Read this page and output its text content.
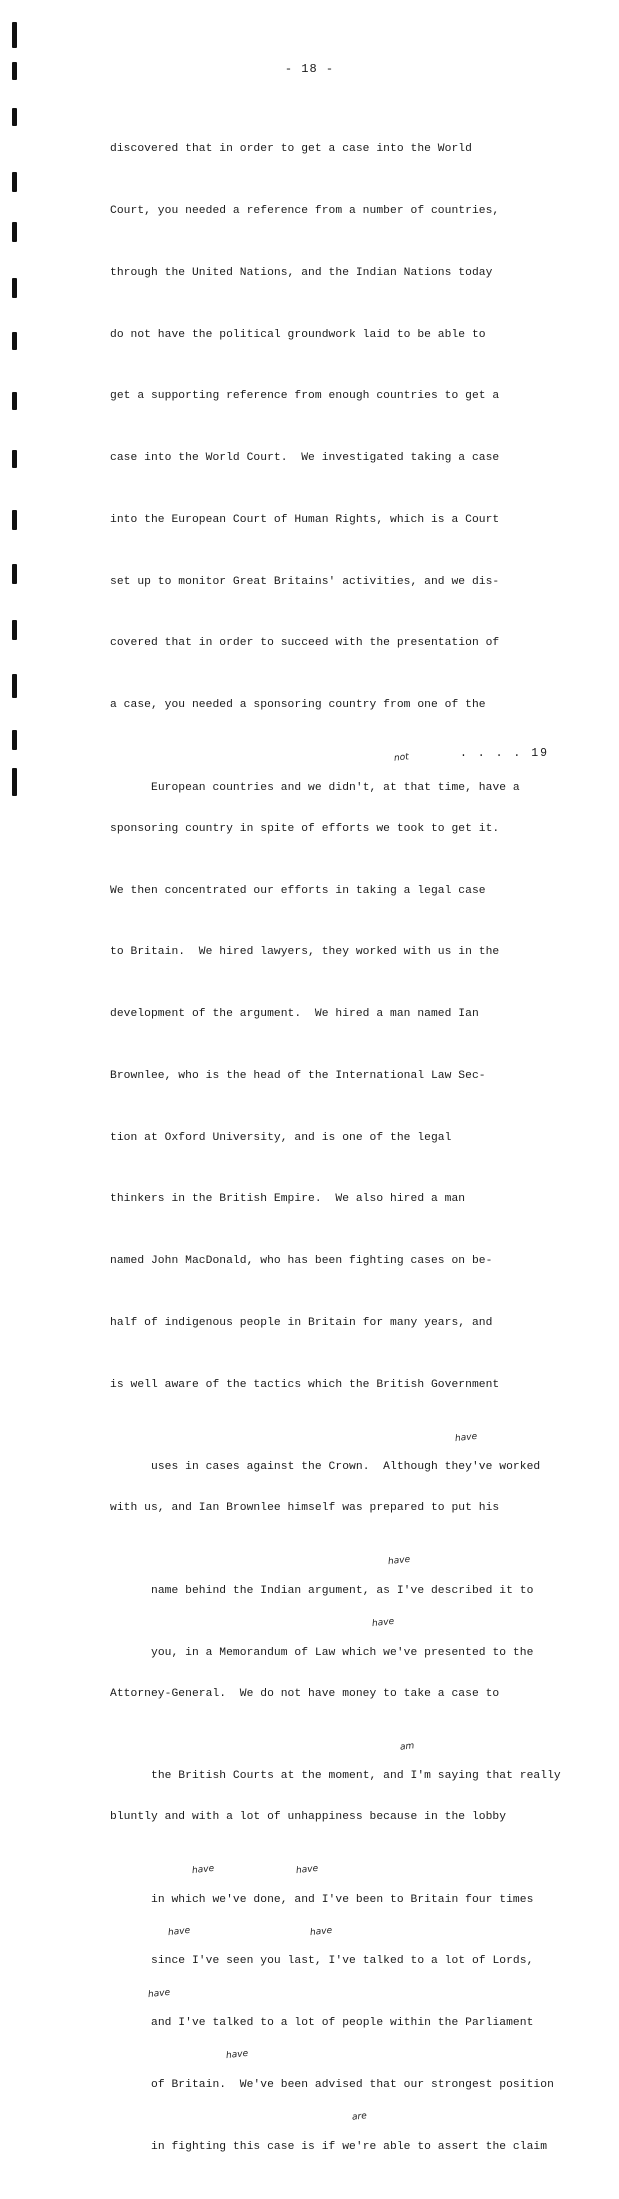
- 18 -

discovered that in order to get a case into the World

Court, you needed a reference from a number of countries,

through the United Nations, and the Indian Nations today

do not have the political groundwork laid to be able to

get a supporting reference from enough countries to get a

case into the World Court.  We investigated taking a case

into the European Court of Human Rights, which is a Court

set up to monitor Great Britains' activities, and we dis-

covered that in order to succeed with the presentation of

a case, you needed a sponsoring country from one of the

European countries and we didn't, at that time, have a

not

sponsoring country in spite of efforts we took to get it.

We then concentrated our efforts in taking a legal case

to Britain.  We hired lawyers, they worked with us in the

development of the argument.  We hired a man named Ian

Brownlee, who is the head of the International Law Sec-

tion at Oxford University, and is one of the legal

thinkers in the British Empire.  We also hired a man

named John MacDonald, who has been fighting cases on be-

half of indigenous people in Britain for many years, and

is well aware of the tactics which the British Government

uses in cases against the Crown.  Although they've worked

have

with us, and Ian Brownlee himself was prepared to put his

name behind the Indian argument, as I've described it to

have

you, in a Memorandum of Law which we've presented to the

have

Attorney-General.  We do not have money to take a case to

the British Courts at the moment, and I'm saying that really

am

bluntly and with a lot of unhappiness because in the lobby

in which we've done, and I've been to Britain four times

have

	have

since I've seen you last, I've talked to a lot of Lords,

have

	have

and I've talked to a lot of people within the Parliament

have

of Britain.  We've been advised that our strongest position

have

in fighting this case is if we're able to assert the claim

are

. . . . 19
